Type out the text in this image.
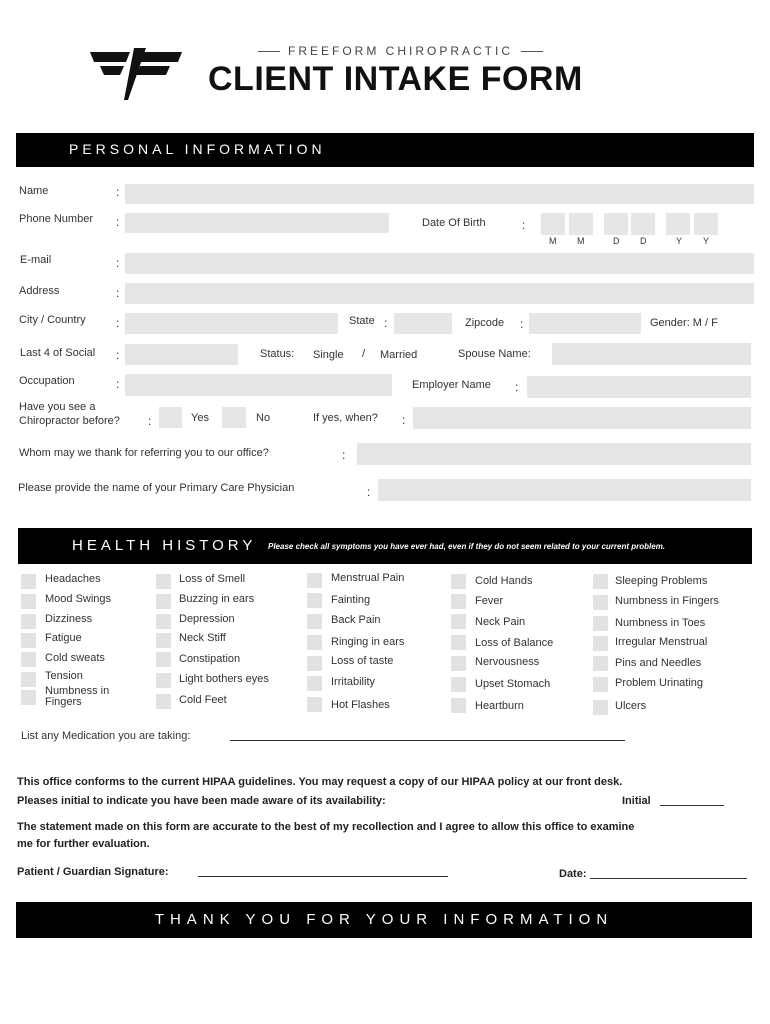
FREEFORM CHIROPRACTIC
CLIENT INTAKE FORM
PERSONAL INFORMATION
Name	:
Phone Number :	Date Of Birth	:
M M	D D	Y Y
E-mail	:
Address	:
City / Country	:	State :	Zipcode :	Gender: M / F
Last 4 of Social :	Status: Single / Married	Spouse Name:
Occupation	:	Employer Name :
Have you see a
Chiropractor before? :	Yes	No	If yes, when? :
Whom may we thank for referring you to our office?	:
Please provide the name of your Primary Care Physician	:
HEALTH HISTORY Please check all symptoms you have ever had, even if they do not seem related to your current problem.
Headaches
Mood Swings
Dizziness
Fatigue
Cold sweats
Tension
Numbness in Fingers
Loss of Smell
Buzzing in ears
Depression
Neck Stiff
Constipation
Light bothers eyes
Cold Feet
Menstrual Pain
Fainting
Back Pain
Ringing in ears
Loss of taste
Irritability
Hot Flashes
Cold Hands
Fever
Neck Pain
Loss of Balance
Nervousness
Upset Stomach
Heartburn
Sleeping Problems
Numbness in Fingers
Numbness in Toes
Irregular Menstrual
Pins and Needles
Problem Urinating
Ulcers
List any Medication you are taking:
This office conforms to the current HIPAA guidelines. You may request a copy of our HIPAA policy at our front desk.
Pleases initial to indicate you have been made aware of its availability:	Initial
The statement made on this form are accurate to the best of my recollection and I agree to allow this office to examine
me for further evaluation.
Patient / Guardian Signature:	Date:
THANK YOU FOR YOUR INFORMATION
